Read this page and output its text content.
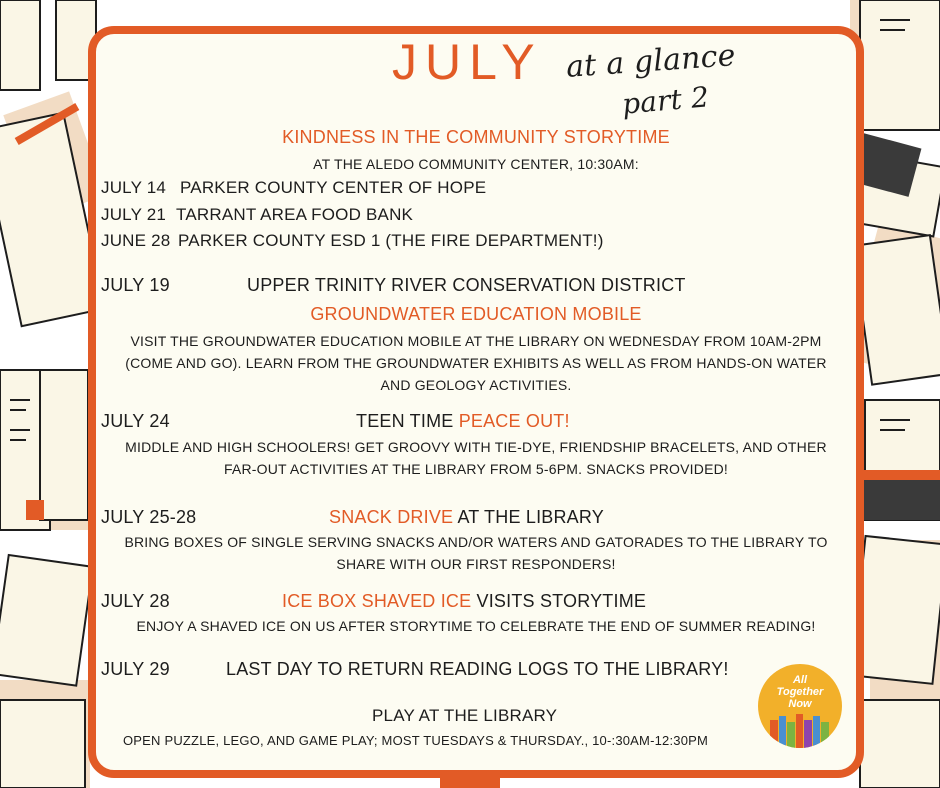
JULY at a glance
part 2
KINDNESS IN THE COMMUNITY STORYTIME
AT THE ALEDO COMMUNITY CENTER, 10:30AM:
JULY 14 PARKER COUNTY CENTER OF HOPE
JULY 21 TARRANT AREA FOOD BANK
JUNE 28 PARKER COUNTY ESD 1 (THE FIRE DEPARTMENT!)
JULY 19	UPPER TRINITY RIVER CONSERVATION DISTRICT
GROUNDWATER EDUCATION MOBILE
VISIT THE GROUNDWATER EDUCATION MOBILE AT THE LIBRARY ON WEDNESDAY FROM 10AM-2PM
(COME AND GO). LEARN FROM THE GROUNDWATER EXHIBITS AS WELL AS FROM HANDS-ON WATER
AND GEOLOGY ACTIVITIES.
JULY 24	TEEN TIME PEACE OUT!
MIDDLE AND HIGH SCHOOLERS! GET GROOVY WITH TIE-DYE, FRIENDSHIP BRACELETS, AND OTHER
FAR-OUT ACTIVITIES AT THE LIBRARY FROM 5-6PM. SNACKS PROVIDED!
JULY 25-28	SNACK DRIVE AT THE LIBRARY
BRING BOXES OF SINGLE SERVING SNACKS AND/OR WATERS AND GATORADES TO THE LIBRARY TO
SHARE WITH OUR FIRST RESPONDERS!
JULY 28	ICE BOX SHAVED ICE VISITS STORYTIME
ENJOY A SHAVED ICE ON US AFTER STORYTIME TO CELEBRATE THE END OF SUMMER READING!
JULY 29	LAST DAY TO RETURN READING LOGS TO THE LIBRARY!
PLAY AT THE LIBRARY
OPEN PUZZLE, LEGO, AND GAME PLAY; MOST TUESDAYS & THURSDAY., 10-:30AM-12:30PM
All
Together
Now
